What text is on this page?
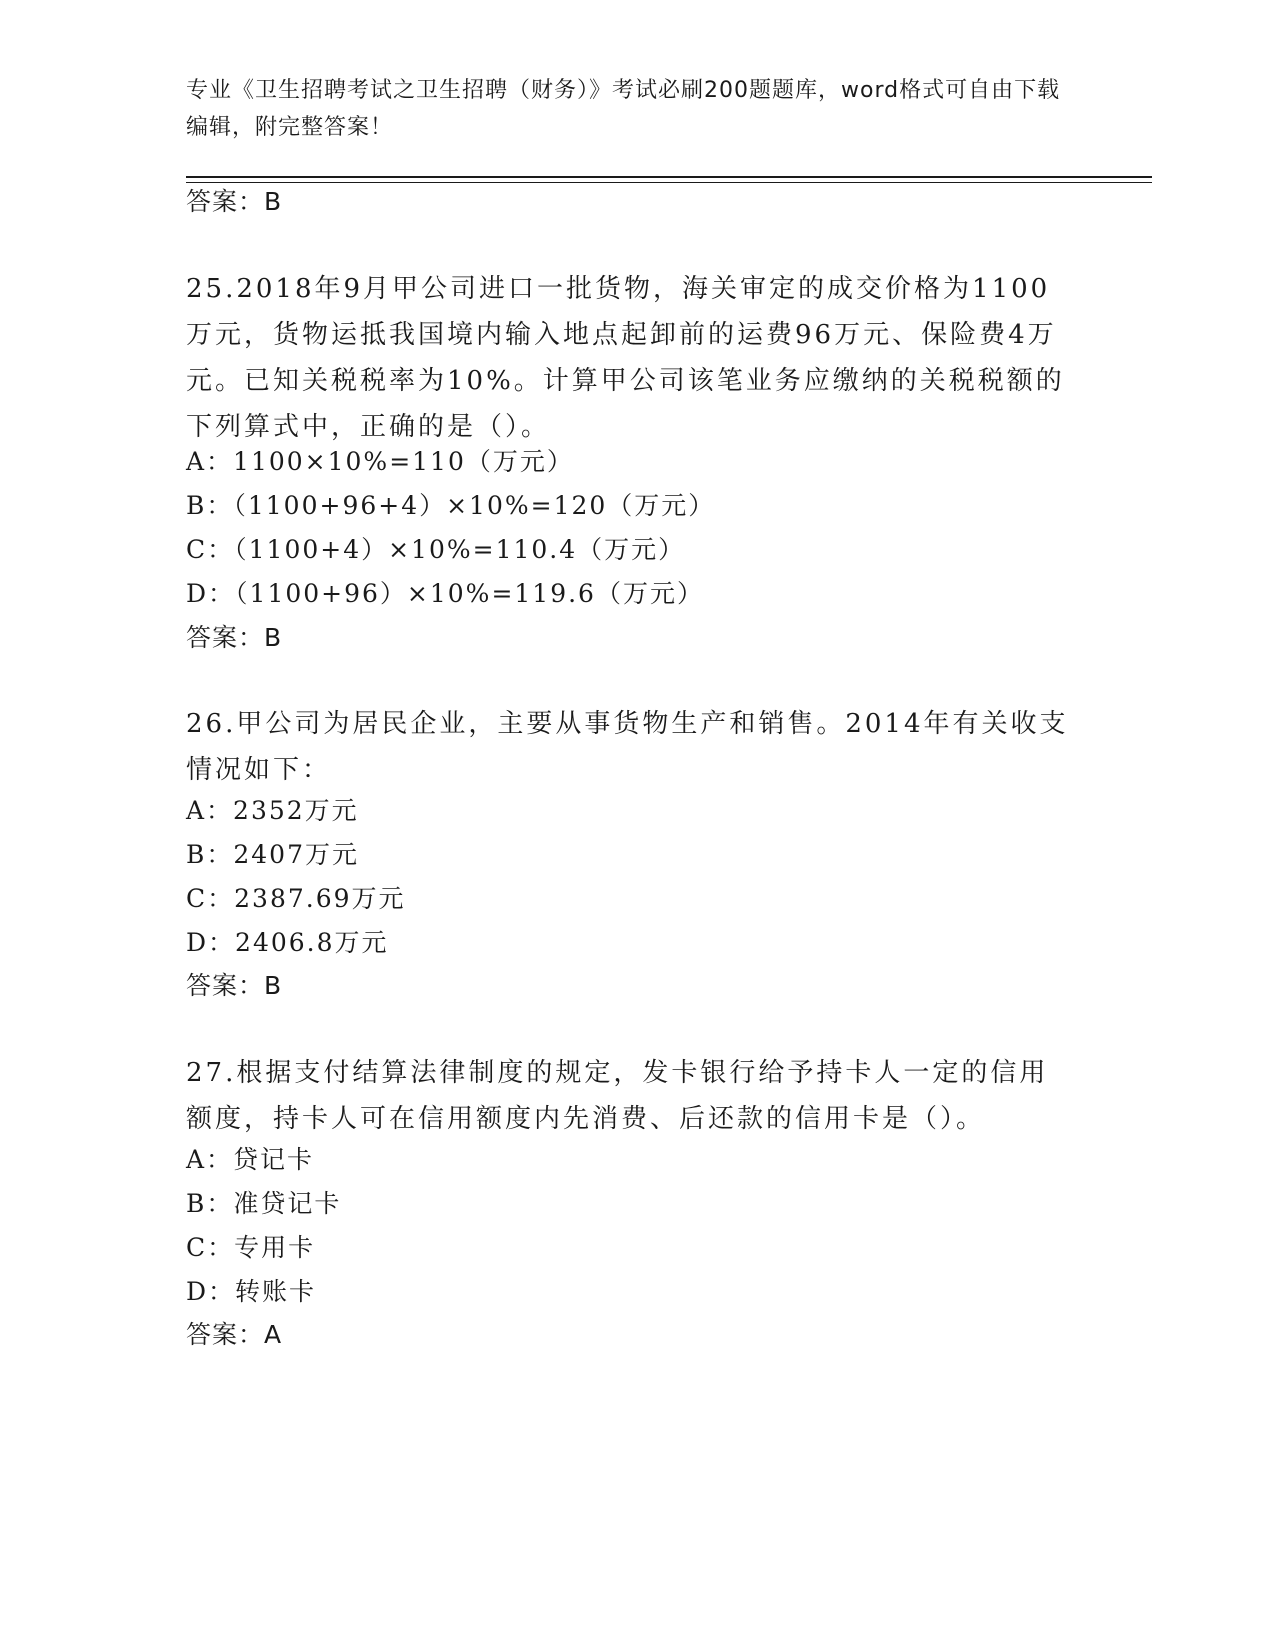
专业《卫生招聘考试之卫生招聘（财务）》考试必刷200题题库，word格式可自由下载编辑，附完整答案！
答案：B
25.2018年9月甲公司进口一批货物，海关审定的成交价格为1100万元，货物运抵我国境内输入地点起卸前的运费96万元、保险费4万元。已知关税税率为10%。计算甲公司该笔业务应缴纳的关税税额的下列算式中，正确的是（）。
A：1100×10%=110（万元）
B：（1100+96+4）×10%=120（万元）
C：（1100+4）×10%=110.4（万元）
D：（1100+96）×10%=119.6（万元）
答案：B
26.甲公司为居民企业，主要从事货物生产和销售。2014年有关收支情况如下：
A：2352万元
B：2407万元
C：2387.69万元
D：2406.8万元
答案：B
27.根据支付结算法律制度的规定，发卡银行给予持卡人一定的信用额度，持卡人可在信用额度内先消费、后还款的信用卡是（）。
A：贷记卡
B：准贷记卡
C：专用卡
D：转账卡
答案：A
